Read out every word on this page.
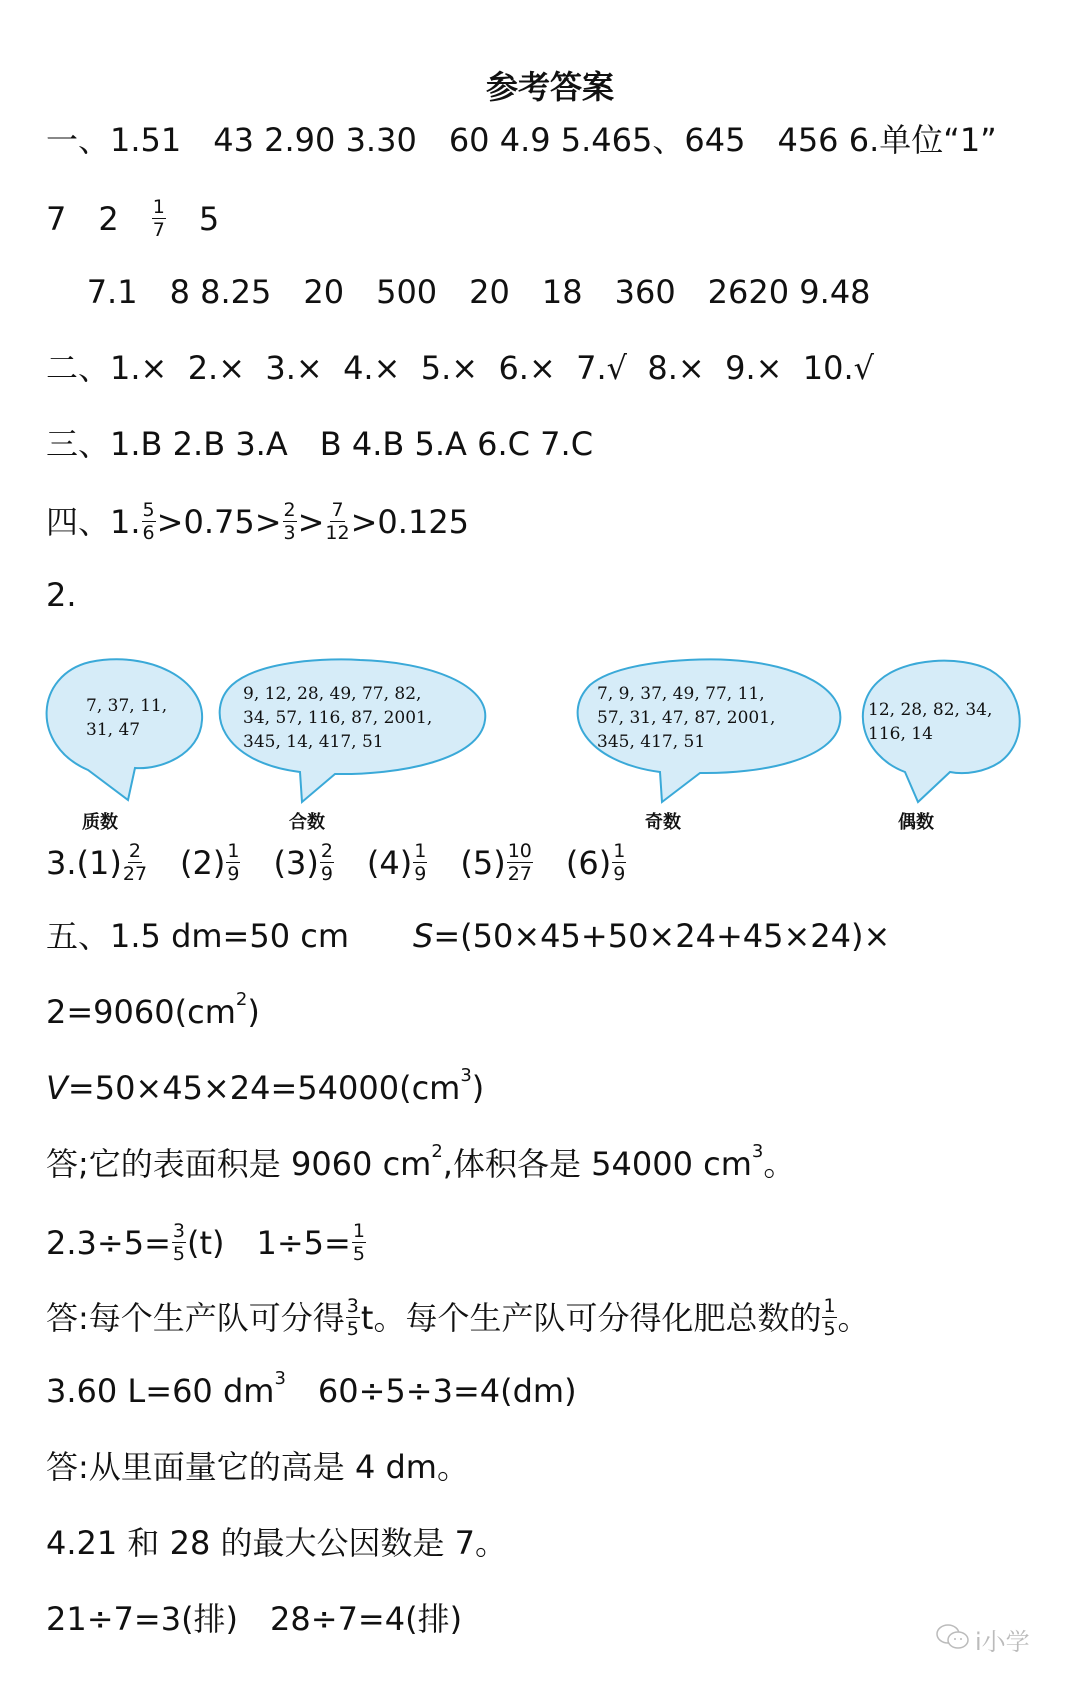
参考答案
一、1.51　43 2.90 3.30　60 4.9 5.465、645　456 6.单位“1”
7　2　 $\frac{1}{7}$ 　5
7.1　8 8.25　20　500　20　18　360　2620 9.48
二、1.×  2.×  3.×  4.×  5.×  6.×  7.√  8.×  9.×  10.√
三、1.B 2.B 3.A　B 4.B 5.A 6.C 7.C
四、1. $\frac{5}{6} >0.75> \frac{2}{3} > \frac{7}{12} >0.125$
2.
$3.(1) \frac{2}{27}$ 　$(2) \frac{1}{9}$ 　$(3) \frac{2}{9}$ 　$(4) \frac{1}{9}$ 　$(5) \frac{10}{27}$ 　$(6) \frac{1}{9}$
五、1.5 dm=50 cm　　 S =(50×45+50×24+45×24)×
2=9060(cm 2 )
V =50×45×24=54000(cm 3 )
答;它的表面积是 9060 cm 2 ,体积各是 54000 cm 3 。
$2.3\div 5= \frac{3}{5} (t)$　$1\div 5= \frac{1}{5}$
答:每个生产队可分得 $\frac{3}{5}$ t。每个生产队可分得化肥总数的 $\frac{1}{5}$ 。
3.60 L=60 dm 3 　60÷5÷3=4(dm)
答:从里面量它的高是 4 dm。
4.21 和 28 的最大公因数是 7。
21÷7=3(排)　28÷7=4(排)
7, 37, 11,
31, 47
9, 12, 28, 49, 77, 82,
34, 57, 116, 87, 2001,
345, 14, 417, 51
7, 9, 37, 49, 77, 11,
57, 31, 47, 87, 2001,
345, 417, 51
12, 28, 82, 34,
116, 14
质数	合数	奇数	偶数
i小学
